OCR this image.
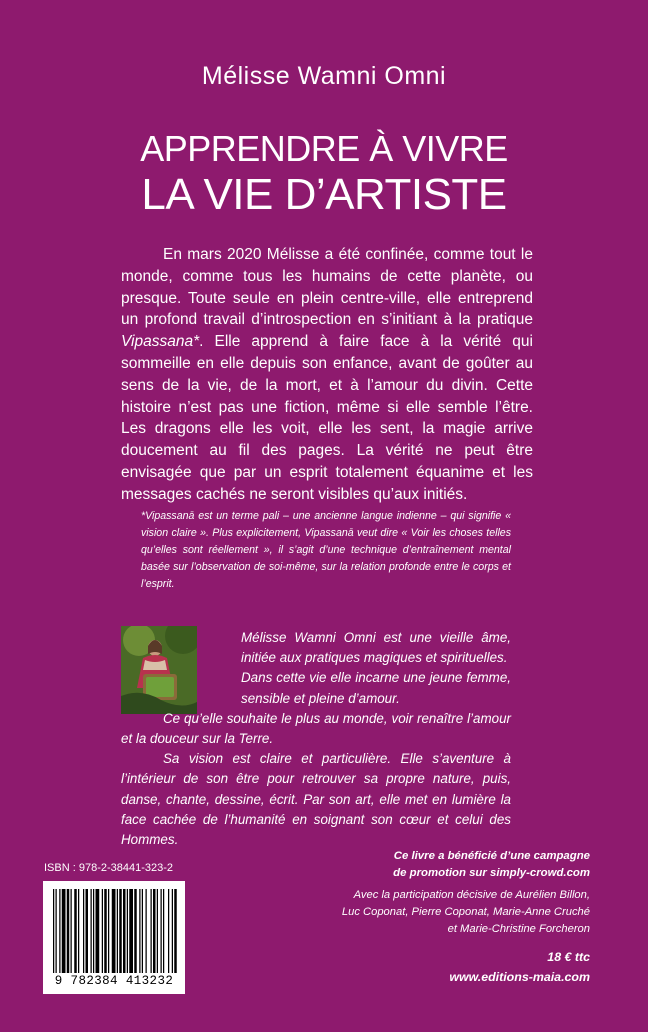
Mélisse Wamni Omni
APPRENDRE À VIVRE
LA VIE D’ARTISTE

En mars 2020 Mélisse a été confinée, comme tout le monde, comme tous les humains de cette planète, ou presque. Toute seule en plein centre-ville, elle entreprend un profond travail d’introspection en s’initiant à la pratique Vipassana*. Elle apprend à faire face à la vérité qui sommeille en elle depuis son enfance, avant de goûter au sens de la vie, de la mort, et à l’amour du divin. Cette histoire n’est pas une fiction, même si elle semble l’être. Les dragons elle les voit, elle les sent, la magie arrive doucement au fil des pages. La vérité ne peut être envisagée que par un esprit totalement équanime et les messages cachés ne seront visibles qu’aux initiés.

*Vipassanā est un terme pali – une ancienne langue indienne – qui signifie « vision claire ». Plus explicitement, Vipassanā veut dire « Voir les choses telles qu’elles sont réellement », il s’agit d’une technique d’entraînement mental basée sur l’observation de soi-même, sur la relation profonde entre le corps et l’esprit.

Mélisse Wamni Omni est une vieille âme, initiée aux pratiques magiques et spirituelles.

Dans cette vie elle incarne une jeune femme, sensible et pleine d’amour.

Ce qu’elle souhaite le plus au monde, voir renaître l’amour et la douceur sur la Terre.

Sa vision est claire et particulière. Elle s’aventure à l’intérieur de son être pour retrouver sa propre nature, puis, danse, chante, dessine, écrit. Par son art, elle met en lumière la face cachée de l’humanité en soignant son cœur et celui des Hommes.

ISBN : 978-2-38441-323-2
9 782384 413232
Ce livre a bénéficié d’une campagne
de promotion sur simply-crowd.com
Avec la participation décisive de Aurélien Billon,
Luc Coponat, Pierre Coponat, Marie-Anne Cruché
et Marie-Christine Forcheron
18 € ttc
www.editions-maia.com
